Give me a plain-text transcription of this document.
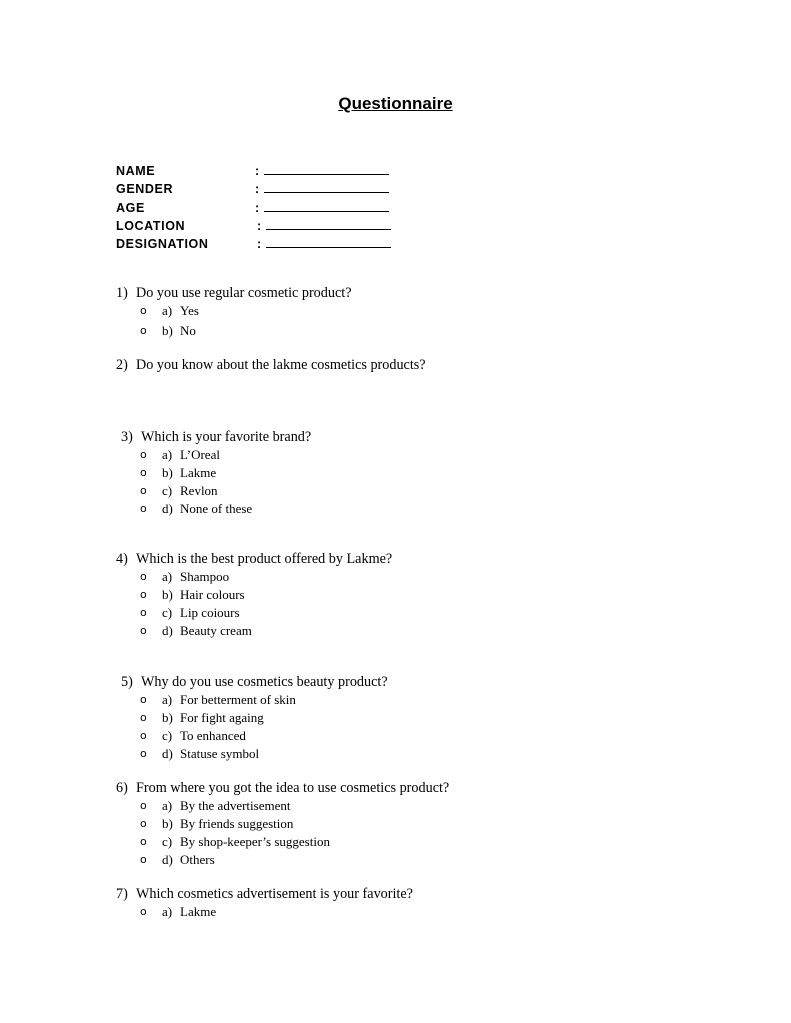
Questionnaire
NAME	:
GENDER	:
AGE	:
LOCATION	:
DESIGNATION	:
1) Do you use regular cosmetic product?
o a) Yes
o b) No
2) Do you know about the lakme cosmetics products?
3) Which is your favorite brand?
o a) L’Oreal
o b) Lakme
o c) Revlon
o d) None of these
4) Which is the best product offered by Lakme?
o a) Shampoo
o b) Hair colours
o c) Lip coiours
o d) Beauty cream
5) Why do you use cosmetics beauty product?
o a) For betterment of skin
o b) For fight againg
o c) To enhanced
o d) Statuse symbol
6) From where you got the idea to use cosmetics product?
o a) By the advertisement
o b) By friends suggestion
o c) By shop-keeper’s suggestion
o d) Others
7) Which cosmetics advertisement is your favorite?
o a) Lakme
